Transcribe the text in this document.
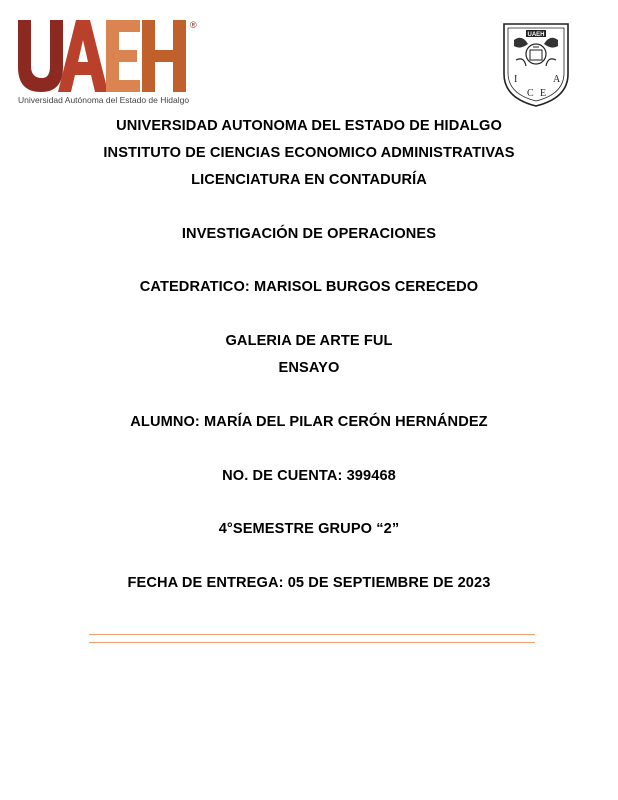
®
Universidad Autónoma del Estado de Hidalgo
UAEH
I
C E
A
UNIVERSIDAD AUTONOMA DEL ESTADO DE HIDALGO
INSTITUTO DE CIENCIAS ECONOMICO ADMINISTRATIVAS
LICENCIATURA EN CONTADURÍA
INVESTIGACIÓN DE OPERACIONES
CATEDRATICO: MARISOL BURGOS CERECEDO
GALERIA DE ARTE FUL
ENSAYO
ALUMNO: MARÍA DEL PILAR CERÓN HERNÁNDEZ
NO. DE CUENTA: 399468
4°SEMESTRE GRUPO “2”
FECHA DE ENTREGA: 05 DE SEPTIEMBRE DE 2023
